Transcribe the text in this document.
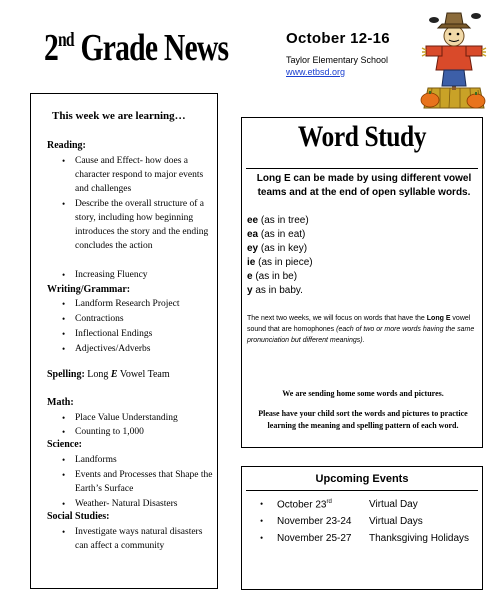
2nd Grade News	October 12-16
Taylor Elementary School
www.etbsd.org
This week we are learning…
Reading:
• Cause and Effect- how does a character respond to major events and challenges
• Describe the overall structure of a story, including how beginning introduces the story and the ending concludes the action
• Increasing Fluency
Writing/Grammar:
• Landform Research Project
• Contractions
• Inflectional Endings
• Adjectives/Adverbs
Spelling: Long E Vowel Team
Math:
• Place Value Understanding
• Counting to 1,000
Science:
• Landforms
• Events and Processes that Shape the Earth’s Surface
• Weather- Natural Disasters
Social Studies:
• Investigate ways natural disasters can affect a community
Word Study
Long E can be made by using different vowel teams and at the end of open syllable words.
ee (as in tree)
ea (as in eat)
ey (as in key)
ie (as in piece)
e (as in be)
y as in baby.
The next two weeks, we will focus on words that have the Long E vowel sound that are homophones (each of two or more words having the same pronunciation but different meanings).
We are sending home some words and pictures.
Please have your child sort the words and pictures to practice learning the meaning and spelling pattern of each word.
Upcoming Events
• October 23rd	Virtual Day
• November 23-24 Virtual Days
• November 25-27 Thanksgiving Holidays
